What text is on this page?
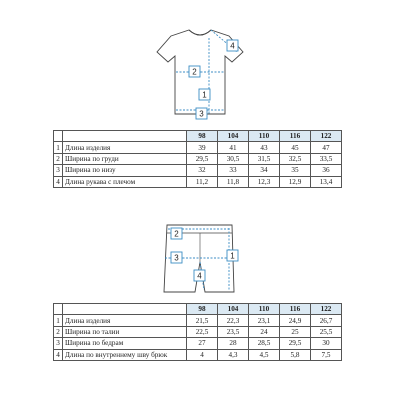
1
2
3
4
1
2
3
4
		98	104	110	116	122
1	Длина изделия	39	41	43	45	47
2	Ширина по груди	29,5	30,5	31,5	32,5	33,5
3	Ширина по низу	32	33	34	35	36
4	Длина рукава с плечом	11,2	11,8	12,3	12,9	13,4
		98	104	110	116	122
1	Длина изделия	21,5	22,3	23,1	24,9	26,7
2	Ширина по талии	22,5	23,5	24	25	25,5
3	Ширина по бедрам	27	28	28,5	29,5	30
4	Длина по внутреннему шву брюк	4	4,3	4,5	5,8	7,5
